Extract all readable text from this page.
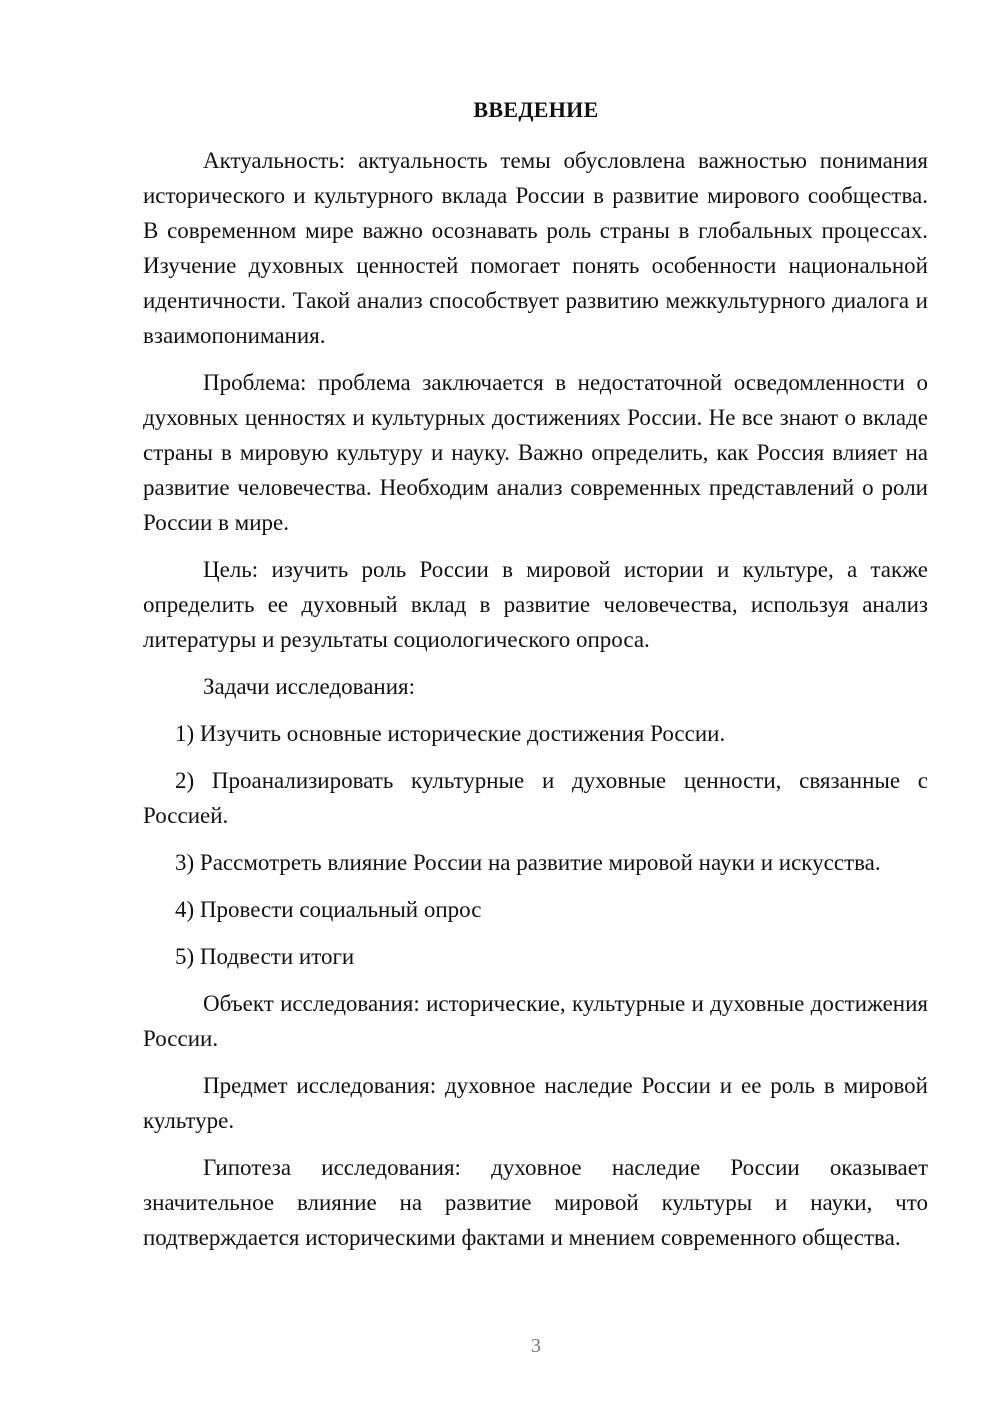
ВВЕДЕНИЕ

Актуальность: актуальность темы обусловлена важностью понимания исторического и культурного вклада России в развитие мирового сообщества. В современном мире важно осознавать роль страны в глобальных процессах. Изучение духовных ценностей помогает понять особенности национальной идентичности. Такой анализ способствует развитию межкультурного диалога и взаимопонимания.

Проблема: проблема заключается в недостаточной осведомленности о духовных ценностях и культурных достижениях России. Не все знают о вкладе страны в мировую культуру и науку. Важно определить, как Россия влияет на развитие человечества. Необходим анализ современных представлений о роли России в мире.

Цель: изучить роль России в мировой истории и культуре, а также определить ее духовный вклад в развитие человечества, используя анализ литературы и результаты социологического опроса.

Задачи исследования:

1) Изучить основные исторические достижения России.

2) Проанализировать культурные и духовные ценности, связанные с Россией.

3) Рассмотреть влияние России на развитие мировой науки и искусства.

4) Провести социальный опрос

5) Подвести итоги

Объект исследования: исторические, культурные и духовные достижения России.

Предмет исследования: духовное наследие России и ее роль в мировой культуре.

Гипотеза исследования: духовное наследие России оказывает значительное влияние на развитие мировой культуры и науки, что подтверждается историческими фактами и мнением современного общества.

3
